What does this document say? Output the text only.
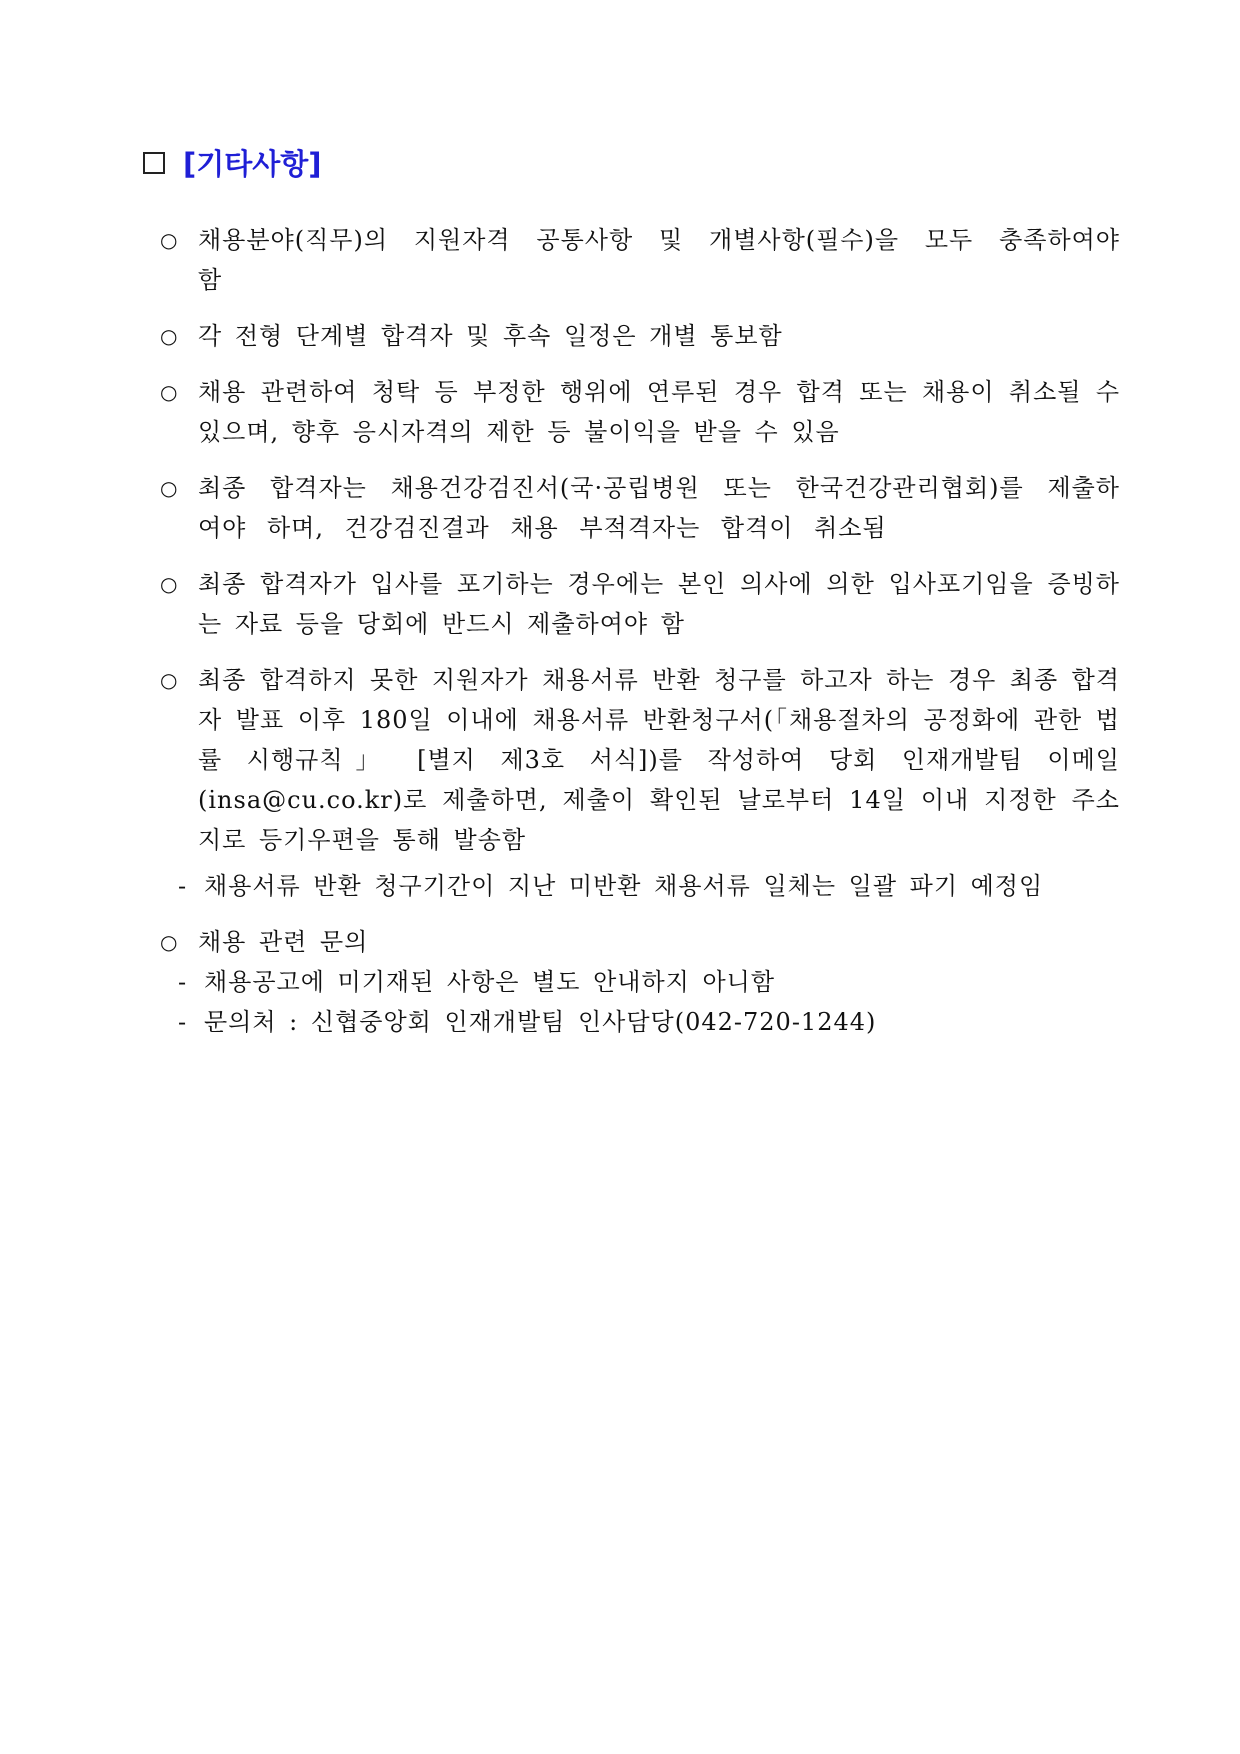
[기타사항]
○ 채용분야(직무)의 지원자격 공통사항 및 개별사항(필수)을 모두 충족하여야 함
○ 각 전형 단계별 합격자 및 후속 일정은 개별 통보함
○ 채용 관련하여 청탁 등 부정한 행위에 연루된 경우 합격 또는 채용이 취소될 수 있으며, 향후 응시자격의 제한 등 불이익을 받을 수 있음
○ 최종 합격자는 채용건강검진서(국·공립병원 또는 한국건강관리협회)를 제출하여야 하며, 건강검진결과 채용 부적격자는 합격이 취소됨
○ 최종 합격자가 입사를 포기하는 경우에는 본인 의사에 의한 입사포기임을 증빙하는 자료 등을 당회에 반드시 제출하여야 함
○ 최종 합격하지 못한 지원자가 채용서류 반환 청구를 하고자 하는 경우 최종 합격자 발표 이후 180일 이내에 채용서류 반환청구서(「채용절차의 공정화에 관한 법률 시행규칙」 [별지 제3호 서식])를 작성하여 당회 인재개발팀 이메일(insa@cu.co.kr)로 제출하면, 제출이 확인된 날로부터 14일 이내 지정한 주소지로 등기우편을 통해 발송함
- 채용서류 반환 청구기간이 지난 미반환 채용서류 일체는 일괄 파기 예정임
○ 채용 관련 문의
- 채용공고에 미기재된 사항은 별도 안내하지 아니함
- 문의처 : 신협중앙회 인재개발팀 인사담당(042-720-1244)
